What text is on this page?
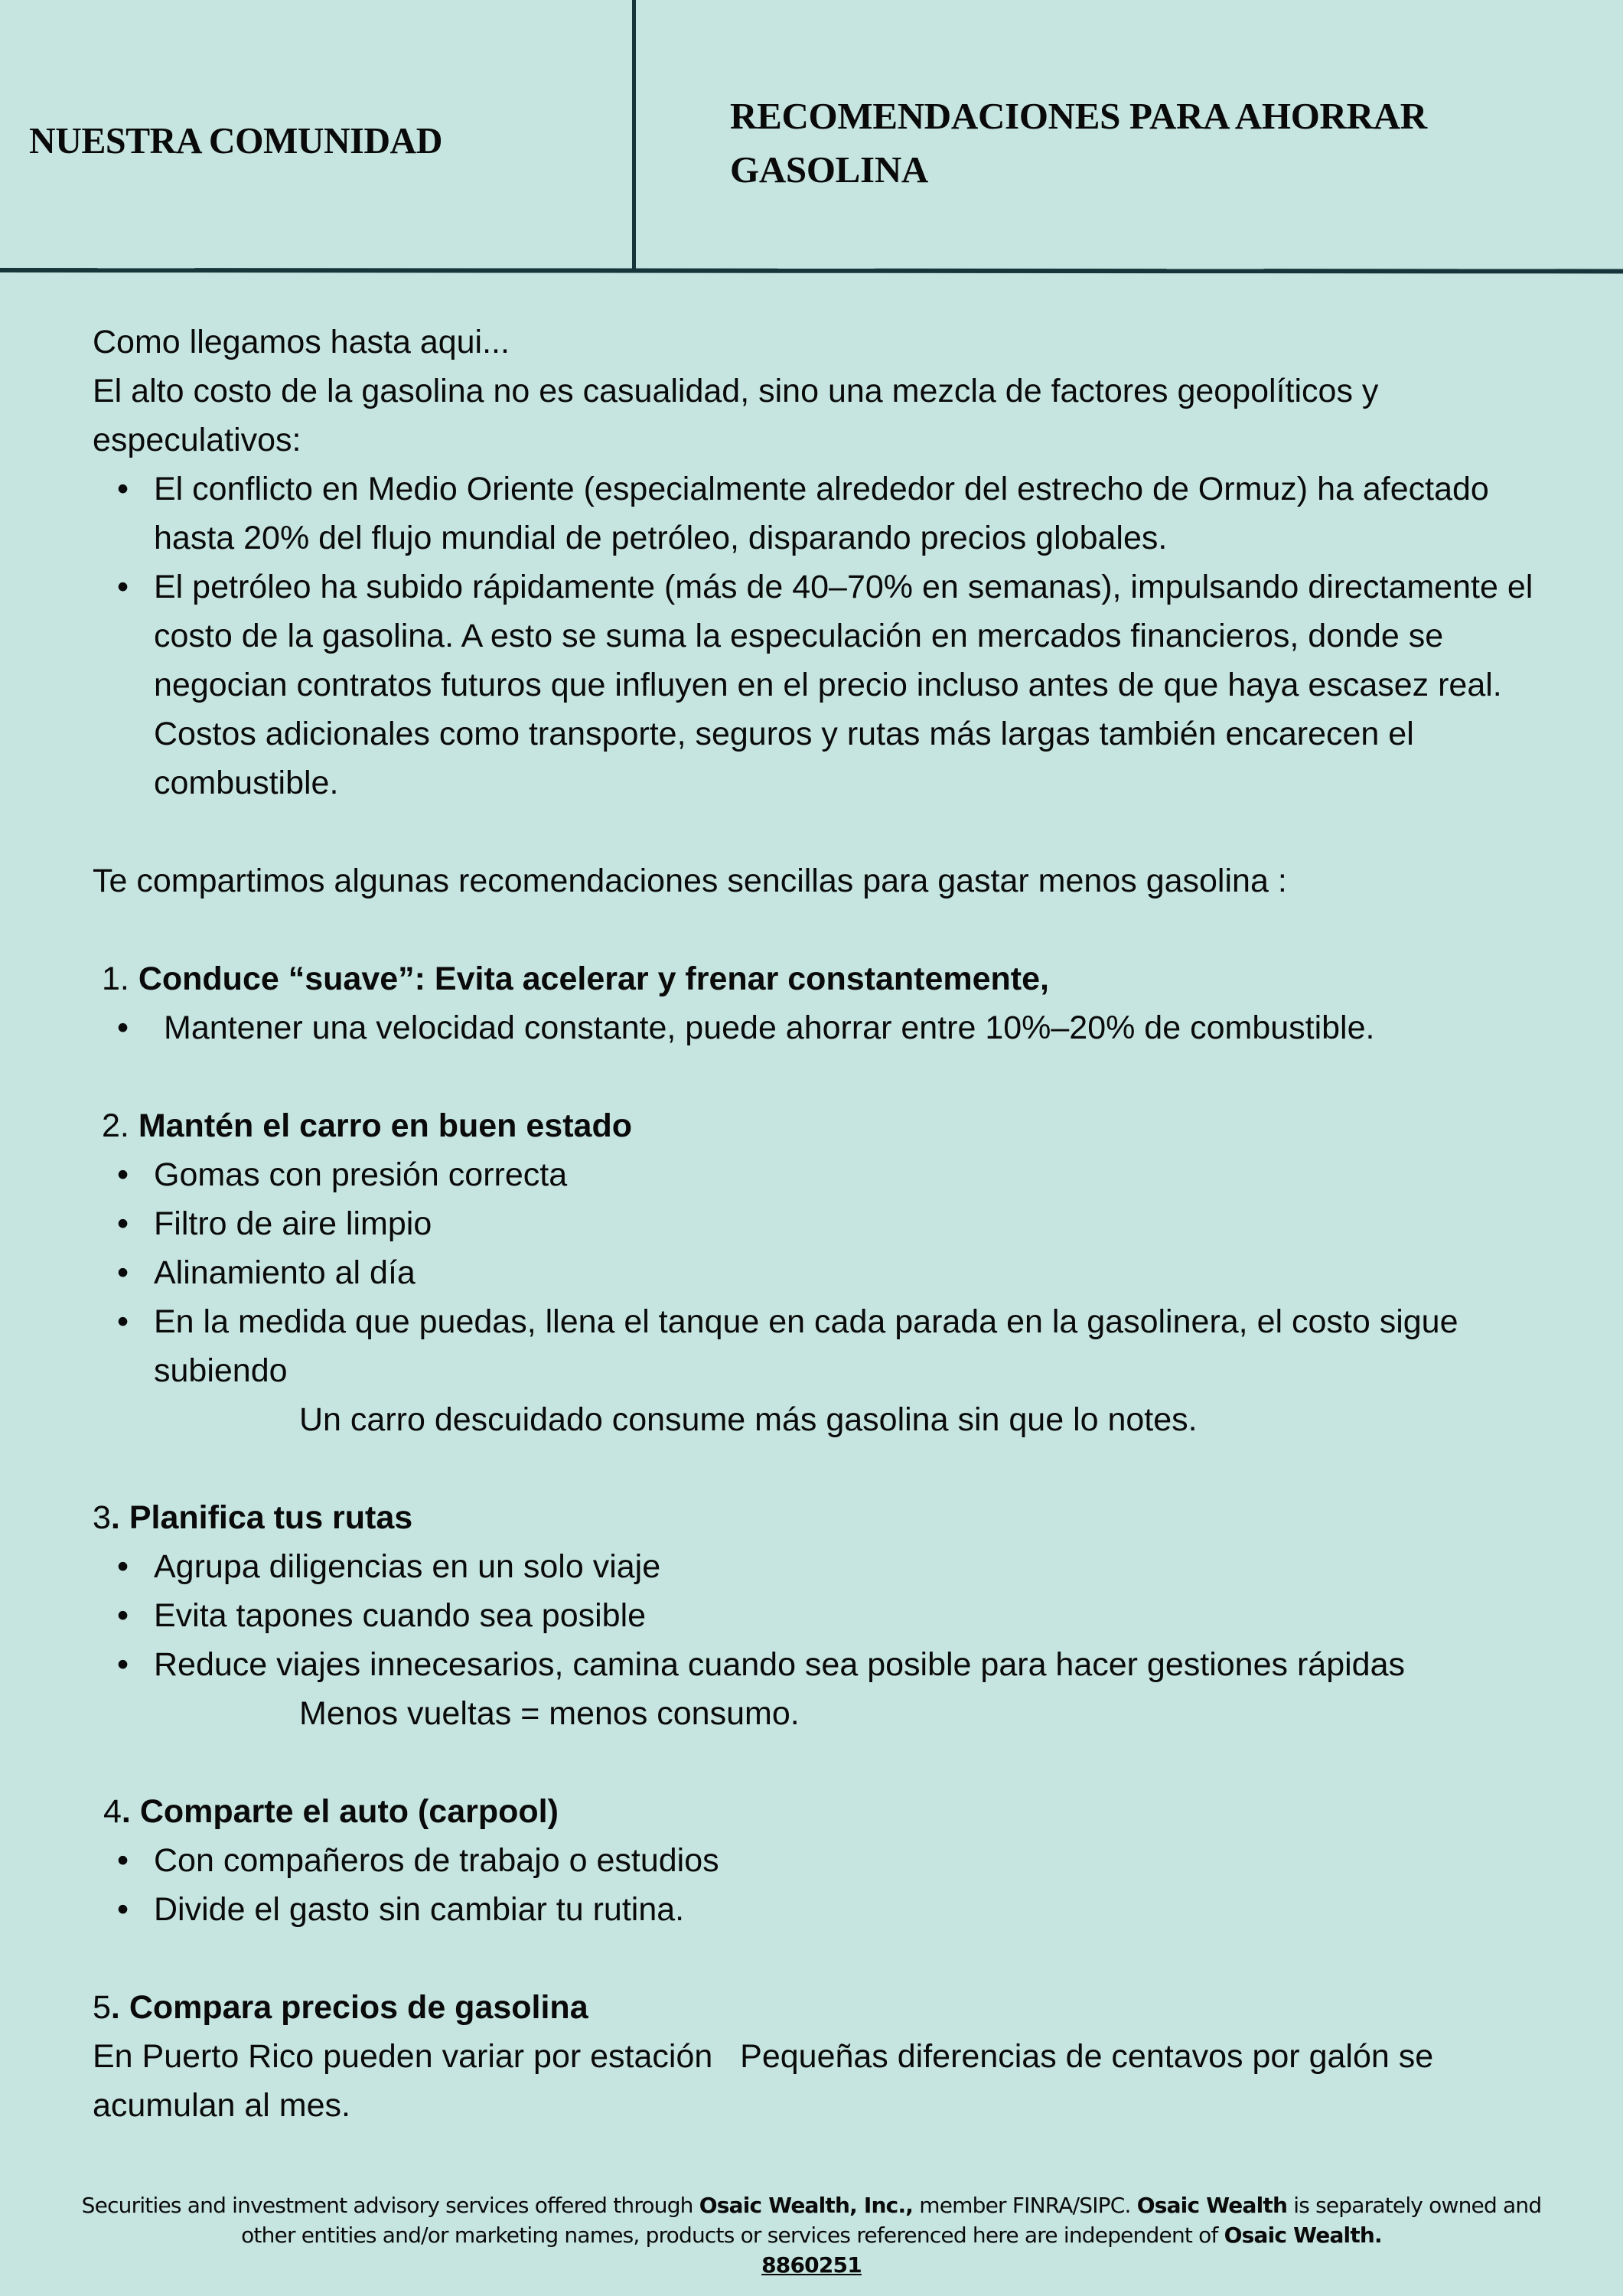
NUESTRA COMUNIDAD
RECOMENDACIONES PARA AHORRAR GASOLINA

Como llegamos hasta aqui...

El alto costo de la gasolina no es casualidad, sino una mezcla de factores geopolíticos y especulativos:

• El conflicto en Medio Oriente (especialmente alrededor del estrecho de Ormuz) ha afectado hasta 20% del flujo mundial de petróleo, disparando precios globales.
• El petróleo ha subido rápidamente (más de 40–70% en semanas), impulsando directamente el costo de la gasolina. A esto se suma la especulación en mercados financieros, donde se negocian contratos futuros que influyen en el precio incluso antes de que haya escasez real. Costos adicionales como transporte, seguros y rutas más largas también encarecen el combustible.

Te compartimos algunas recomendaciones sencillas para gastar menos gasolina :

1. Conduce “suave”: Evita acelerar y frenar constantemente,

• Mantener una velocidad constante, puede ahorrar entre 10%–20% de combustible.

2. Mantén el carro en buen estado

• Gomas con presión correcta
• Filtro de aire limpio
• Alinamiento al día
• En la medida que puedas, llena el tanque en cada parada en la gasolinera, el costo sigue subiendo

Un carro descuidado consume más gasolina sin que lo notes.

3. Planifica tus rutas

• Agrupa diligencias en un solo viaje
• Evita tapones cuando sea posible
• Reduce viajes innecesarios, camina cuando sea posible para hacer gestiones rápidas

Menos vueltas = menos consumo.

4. Comparte el auto (carpool)

• Con compañeros de trabajo o estudios
• Divide el gasto sin cambiar tu rutina.

5. Compara precios de gasolina

En Puerto Rico pueden variar por estación   Pequeñas diferencias de centavos por galón se acumulan al mes.

Securities and investment advisory services offered through Osaic Wealth, Inc., member FINRA/SIPC. Osaic Wealth is separately owned and

other entities and/or marketing names, products or services referenced here are independent of Osaic Wealth.

8860251
